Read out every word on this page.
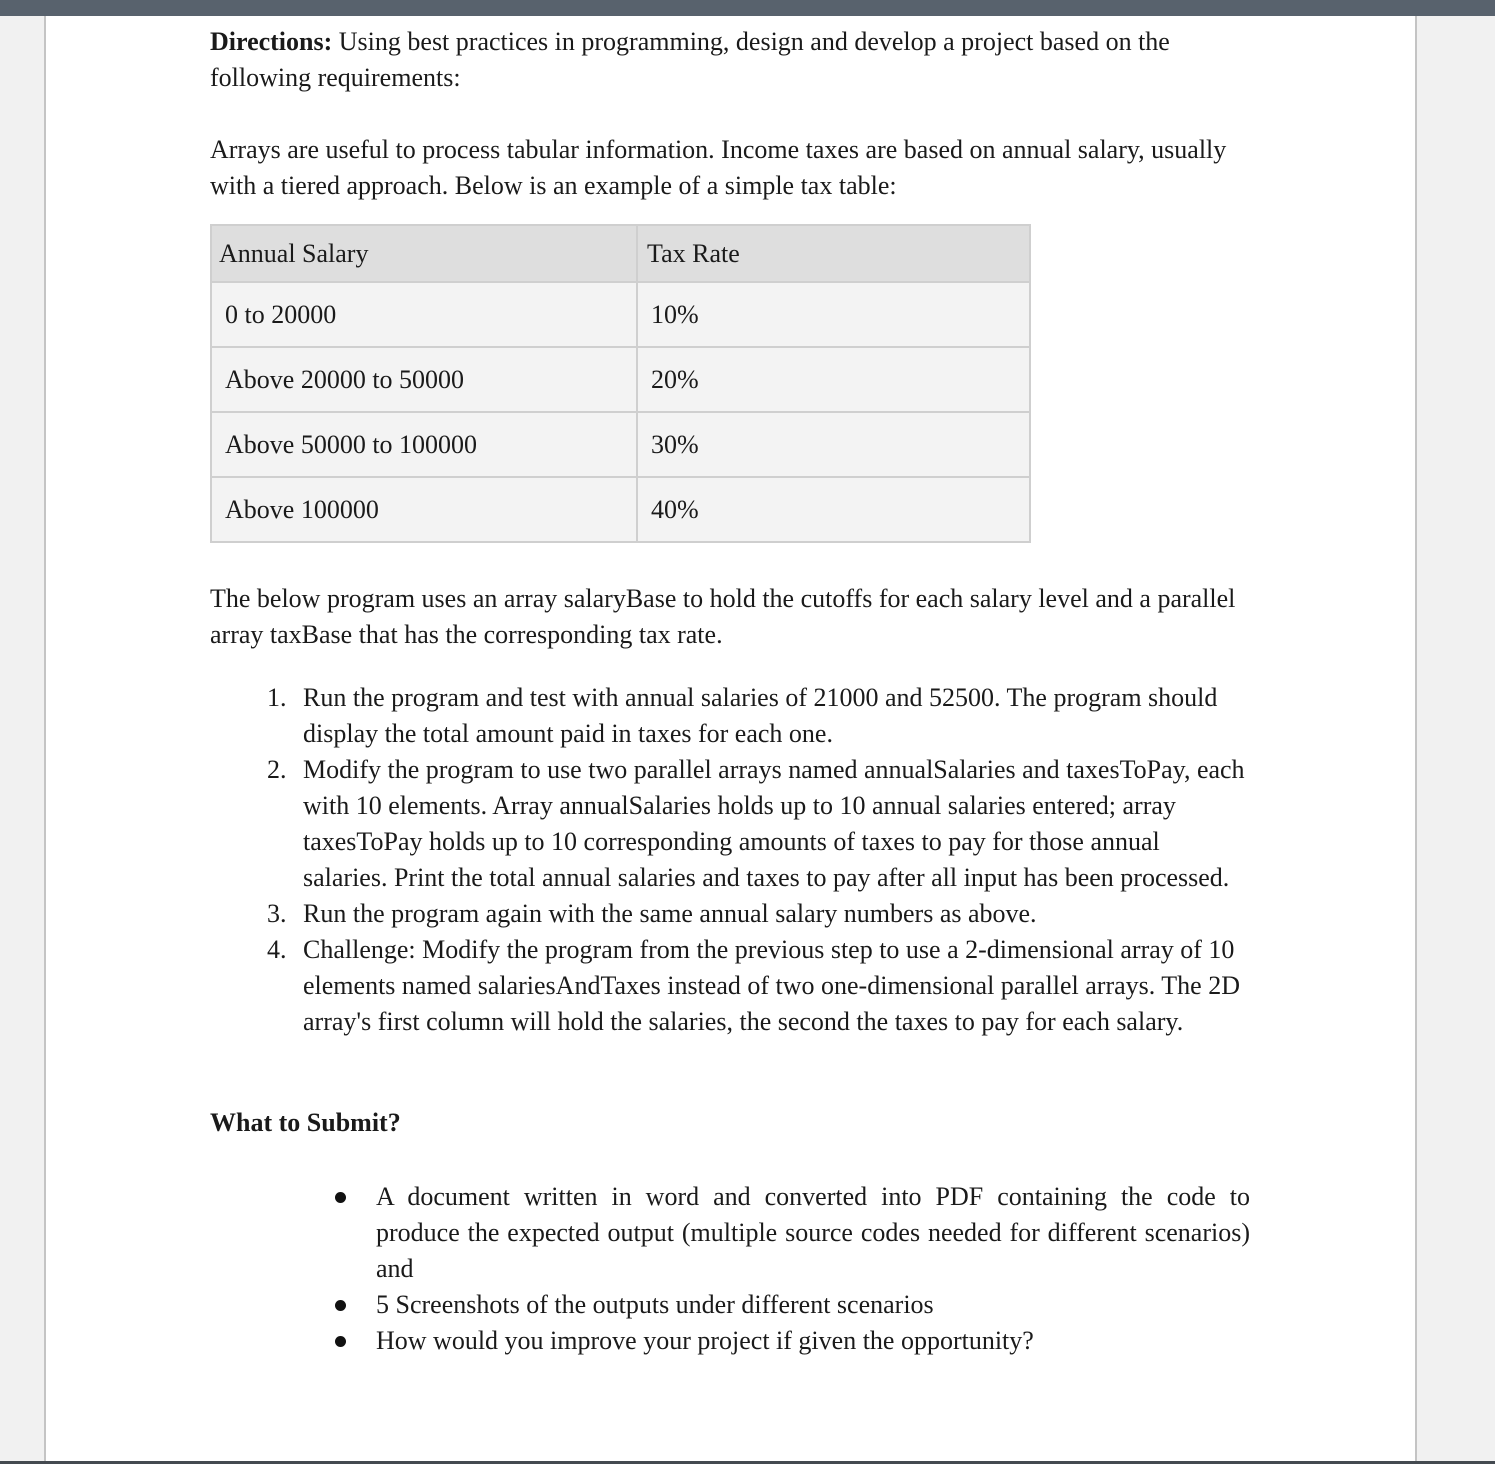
Directions: Using best practices in programming, design and develop a project based on the following requirements:

Arrays are useful to process tabular information. Income taxes are based on annual salary, usually with a tiered approach. Below is an example of a simple tax table:

Annual Salary	Tax Rate
0 to 20000	10%
Above 20000 to 50000	20%
Above 50000 to 100000	30%
Above 100000	40%

The below program uses an array salaryBase to hold the cutoffs for each salary level and a parallel array taxBase that has the corresponding tax rate.

1. Run the program and test with annual salaries of 21000 and 52500. The program should display the total amount paid in taxes for each one.
2. Modify the program to use two parallel arrays named annualSalaries and taxesToPay, each with 10 elements. Array annualSalaries holds up to 10 annual salaries entered; array taxesToPay holds up to 10 corresponding amounts of taxes to pay for those annual salaries. Print the total annual salaries and taxes to pay after all input has been processed.
3. Run the program again with the same annual salary numbers as above.
4. Challenge: Modify the program from the previous step to use a 2-dimensional array of 10 elements named salariesAndTaxes instead of two one-dimensional parallel arrays. The 2D array's first column will hold the salaries, the second the taxes to pay for each salary.

What to Submit?

A document written in word and converted into PDF containing the code to produce the expected output (multiple source codes needed for different scenarios) and
5 Screenshots of the outputs under different scenarios
How would you improve your project if given the opportunity?
